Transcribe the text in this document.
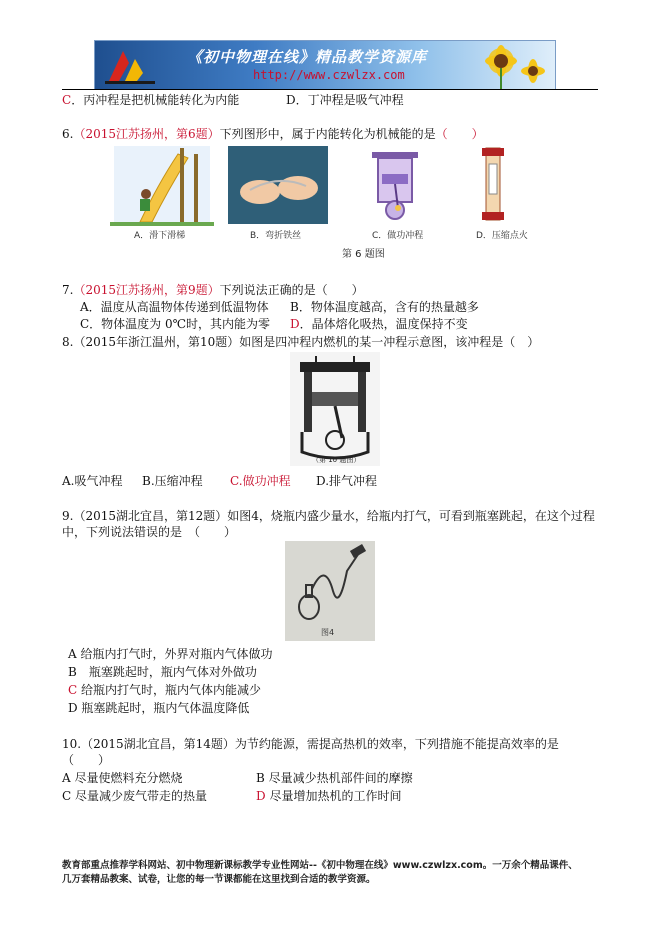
《初中物理在线》精品教学资源库
http://www.czwlzx.com
C．丙冲程是把机械能转化为内能	D．丁冲程是吸气冲程
6.（2015江苏扬州，第6题）下列图形中，属于内能转化为机械能的是（　　）
A．滑下滑梯	B．弯折铁丝	C．做功冲程	D．压缩点火
第 6 题图
7.（2015江苏扬州，第9题）下列说法正确的是（　　）
A．温度从高温物体传递到低温物体 B．物体温度越高，含有的热量越多
C．物体温度为 0℃时，其内能为零 D．晶体熔化吸热，温度保持不变
8.（2015年浙江温州，第10题）如图是四冲程内燃机的某一冲程示意图，该冲程是（　）
（第 10 题图）
A.吸气冲程 B.压缩冲程 C.做功冲程 D.排气冲程
9.（2015湖北宜昌，第12题）如图4，烧瓶内盛少量水，给瓶内打气，可看到瓶塞跳起，在这个过程
中，下列说法错误的是　（　　）
图4
A 给瓶内打气时，外界对瓶内气体做功
B　瓶塞跳起时，瓶内气体对外做功
C 给瓶内打气时，瓶内气体内能减少
D 瓶塞跳起时，瓶内气体温度降低
10.（2015湖北宜昌，第14题）为节约能源，需提高热机的效率，下列措施不能提高效率的是
（　　）
A 尽量使燃料充分燃烧	B 尽量减少热机部件间的摩擦
C 尽量减少废气带走的热量	D 尽量增加热机的工作时间
教育部重点推荐学科网站、初中物理新课标教学专业性网站--《初中物理在线》www.czwlzx.com。一万余个精品课件、
几万套精品教案、试卷，让您的每一节课都能在这里找到合适的教学资源。
